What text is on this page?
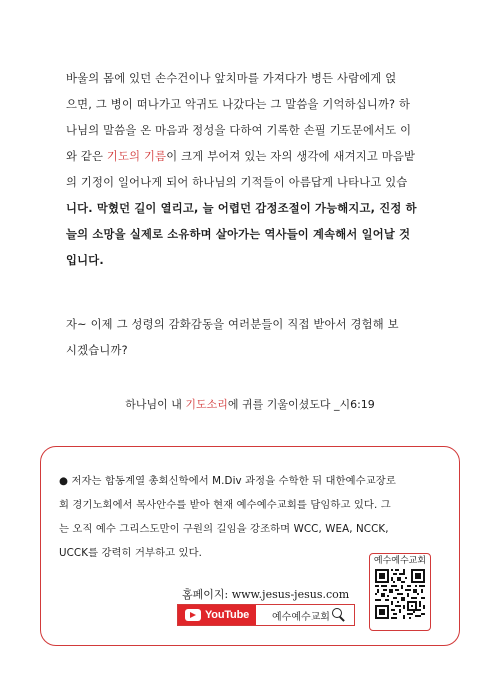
바울의 몸에 있던 손수건이나 앞치마를 가져다가 병든 사람에게 얹
으면, 그 병이 떠나가고 악귀도 나갔다는 그 말씀을 기억하십니까? 하
나님의 말씀을 온 마음과 정성을 다하여 기록한 손필 기도문에서도 이
와 같은 기도의 기름이 크게 부어져 있는 자의 생각에 새겨지고 마음밭
의 기정이 일어나게 되어 하나님의 기적들이 아름답게 나타나고 있습
니다. 막혔던 길이 열리고, 늘 어렵던 감정조절이 가능해지고, 진정 하
늘의 소망을 실제로 소유하며 살아가는 역사들이 계속해서 일어날 것
입니다.
자~ 이제 그 성령의 감화감동을 여러분들이 직접 받아서 경험해 보
시겠습니까?
하나님이 내 기도소리에 귀를 기울이셨도다 _시6:19
● 저자는 합동계열 총회신학에서 M.Div 과정을 수학한 뒤 대한예수교장로
회 경기노회에서 목사안수를 받아 현재 예수예수교회를 담임하고 있다. 그
는 오직 예수 그리스도만이 구원의 길임을 강조하며 WCC, WEA, NCCK,
UCCK를 강력히 거부하고 있다.
홈페이지: www.jesus-jesus.com
YouTube 예수예수교회
예수예수교회
